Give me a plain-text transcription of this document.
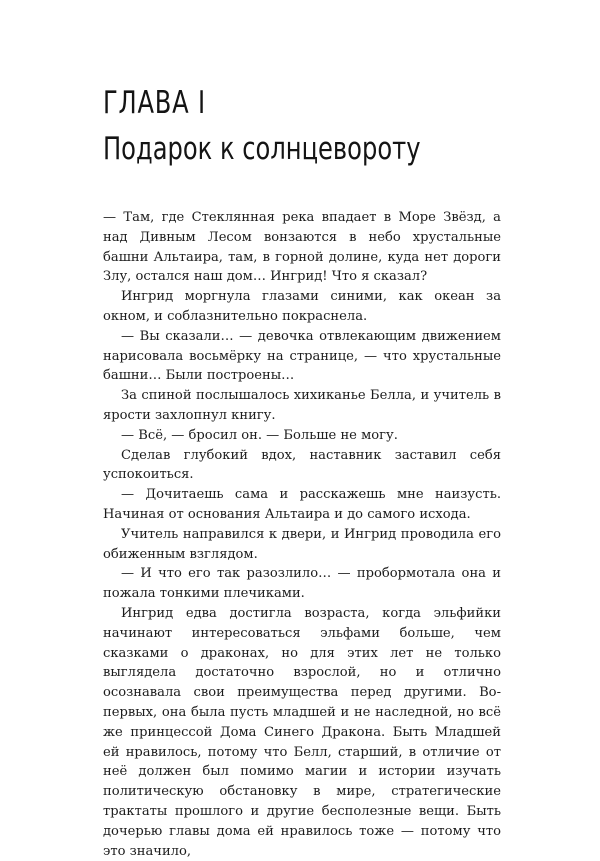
ГЛАВА I
Подарок к солнцевороту

— Там, где Стеклянная река впадает в Море Звёзд, а над Дивным Лесом вонзаются в небо хрустальные башни Альтаира, там, в горной долине, куда нет дороги Злу, остался наш дом… Ингрид! Что я сказал?

Ингрид моргнула глазами синими, как океан за окном, и соблазнительно покраснела.

— Вы сказали… — девочка отвлекающим движением нарисовала восьмёрку на странице, — что хрустальные башни… Были построены…

За спиной послышалось хихиканье Белла, и учитель в ярости захлопнул книгу.

— Всё, — бросил он. — Больше не могу.

Сделав глубокий вдох, наставник заставил себя успокоиться.

— Дочитаешь сама и расскажешь мне наизусть. Начиная от основания Альтаира и до самого исхода.

Учитель направился к двери, и Ингрид проводила его обиженным взглядом.

— И что его так разозлило… — пробормотала она и пожала тонкими плечиками.

Ингрид едва достигла возраста, когда эльфийки начинают интересоваться эльфами больше, чем сказками о драконах, но для этих лет не только выглядела достаточно взрослой, но и отлично осознавала свои преимущества перед другими. Во-первых, она была пусть младшей и не наследной, но всё же принцессой Дома Синего Дракона. Быть Младшей ей нравилось, потому что Белл, старший, в отличие от неё должен был помимо магии и истории изучать политическую обстановку в мире, стратегические трактаты прошлого и другие бесполезные вещи. Быть дочерью главы дома ей нравилось тоже — потому что это значило,
